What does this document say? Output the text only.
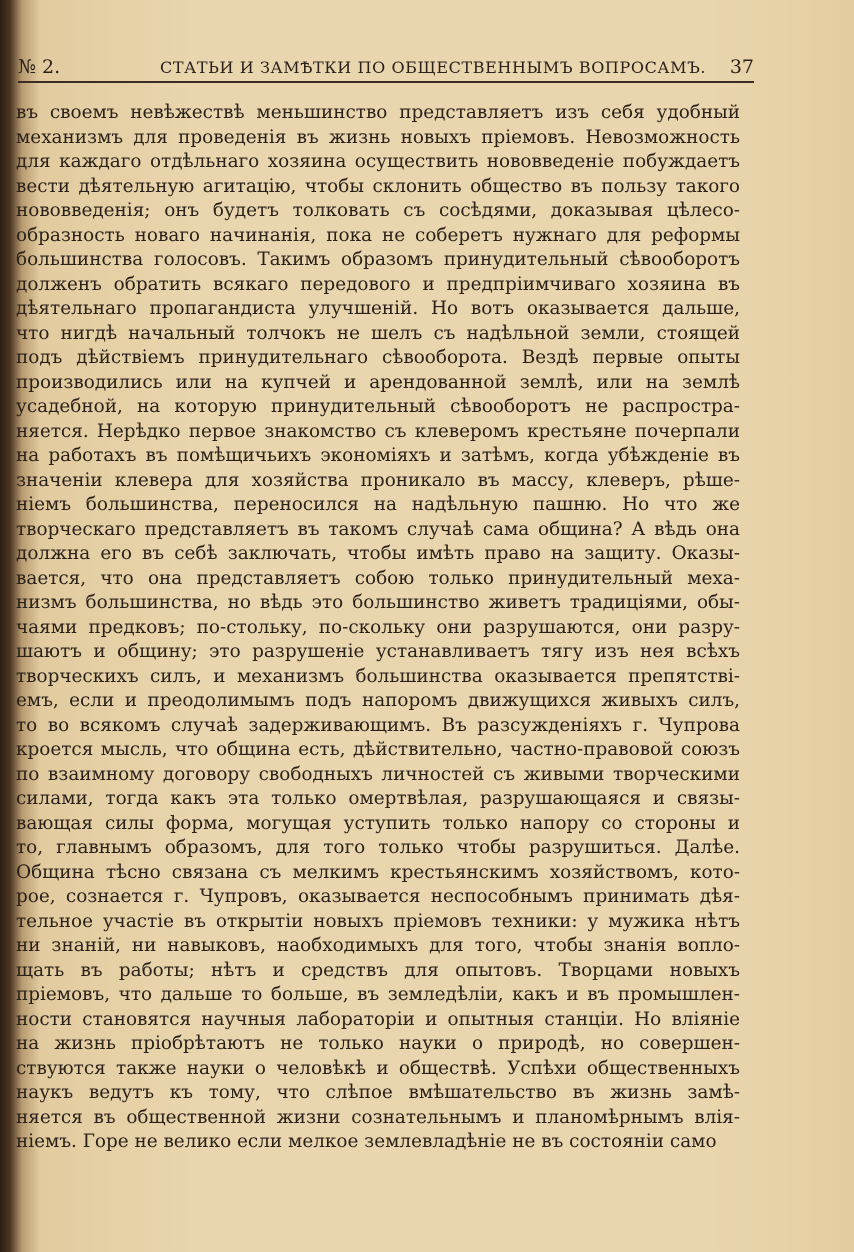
№ 2.	СТАТЬИ И ЗАМѢТКИ ПО ОБЩЕСТВЕННЫМЪ ВОПРОСАМЪ. 37
въ своемъ невѣжествѣ меньшинство представляетъ изъ себя удобный
механизмъ для проведенія въ жизнь новыхъ пріемовъ. Невозможность
для каждаго отдѣльнаго хозяина осуществить нововведеніе побуждаетъ
вести дѣятельную агитацію, чтобы склонить общество въ пользу такого
нововведенія; онъ будетъ толковать съ сосѣдями, доказывая цѣлесо-
образность новаго начинанія, пока не соберетъ нужнаго для реформы
большинства голосовъ. Такимъ образомъ принудительный сѣвооборотъ
долженъ обратить всякаго передового и предпріимчиваго хозяина въ
дѣятельнаго пропагандиста улучшеній. Но вотъ оказывается дальше,
что нигдѣ начальный толчокъ не шелъ съ надѣльной земли, стоящей
подъ дѣйствіемъ принудительнаго сѣвооборота. Вездѣ первые опыты
производились или на купчей и арендованной землѣ, или на землѣ
усадебной, на которую принудительный сѣвооборотъ не распростра-
няется. Нерѣдко первое знакомство съ клеверомъ крестьяне почерпали
на работахъ въ помѣщичьихъ экономіяхъ и затѣмъ, когда убѣжденіе въ
значеніи клевера для хозяйства проникало въ массу, клеверъ, рѣше-
ніемъ большинства, переносился на надѣльную пашню. Но что же
творческаго представляетъ въ такомъ случаѣ сама община? А вѣдь она
должна его въ себѣ заключать, чтобы имѣть право на защиту. Оказы-
вается, что она представляетъ собою только принудительный меха-
низмъ большинства, но вѣдь это большинство живетъ традиціями, обы-
чаями предковъ; по-стольку, по-скольку они разрушаются, они разру-
шаютъ и общину; это разрушеніе устанавливаетъ тягу изъ нея всѣхъ
творческихъ силъ, и механизмъ большинства оказывается препятстві-
емъ, если и преодолимымъ подъ напоромъ движущихся живыхъ силъ,
то во всякомъ случаѣ задерживающимъ. Въ разсужденіяхъ г. Чупрова
кроется мысль, что община есть, дѣйствительно, частно-правовой союзъ
по взаимному договору свободныхъ личностей съ живыми творческими
силами, тогда какъ эта только омертвѣлая, разрушающаяся и связы-
вающая силы форма, могущая уступить только напору со стороны и
то, главнымъ образомъ, для того только чтобы разрушиться. Далѣе.
Община тѣсно связана съ мелкимъ крестьянскимъ хозяйствомъ, кото-
рое, сознается г. Чупровъ, оказывается неспособнымъ принимать дѣя-
тельное участіе въ открытіи новыхъ пріемовъ техники: у мужика нѣтъ
ни знаній, ни навыковъ, наобходимыхъ для того, чтобы знанія вопло-
щать въ работы; нѣтъ и средствъ для опытовъ. Творцами новыхъ
пріемовъ, что дальше то больше, въ земледѣліи, какъ и въ промышлен-
ности становятся научныя лабораторіи и опытныя станціи. Но вліяніе
на жизнь пріобрѣтаютъ не только науки о природѣ, но совершен-
ствуются также науки о человѣкѣ и обществѣ. Успѣхи общественныхъ
наукъ ведутъ къ тому, что слѣпое вмѣшательство въ жизнь замѣ-
няется въ общественной жизни сознательнымъ и планомѣрнымъ влія-
ніемъ. Горе не велико если мелкое землевладѣніе не въ состояніи само
